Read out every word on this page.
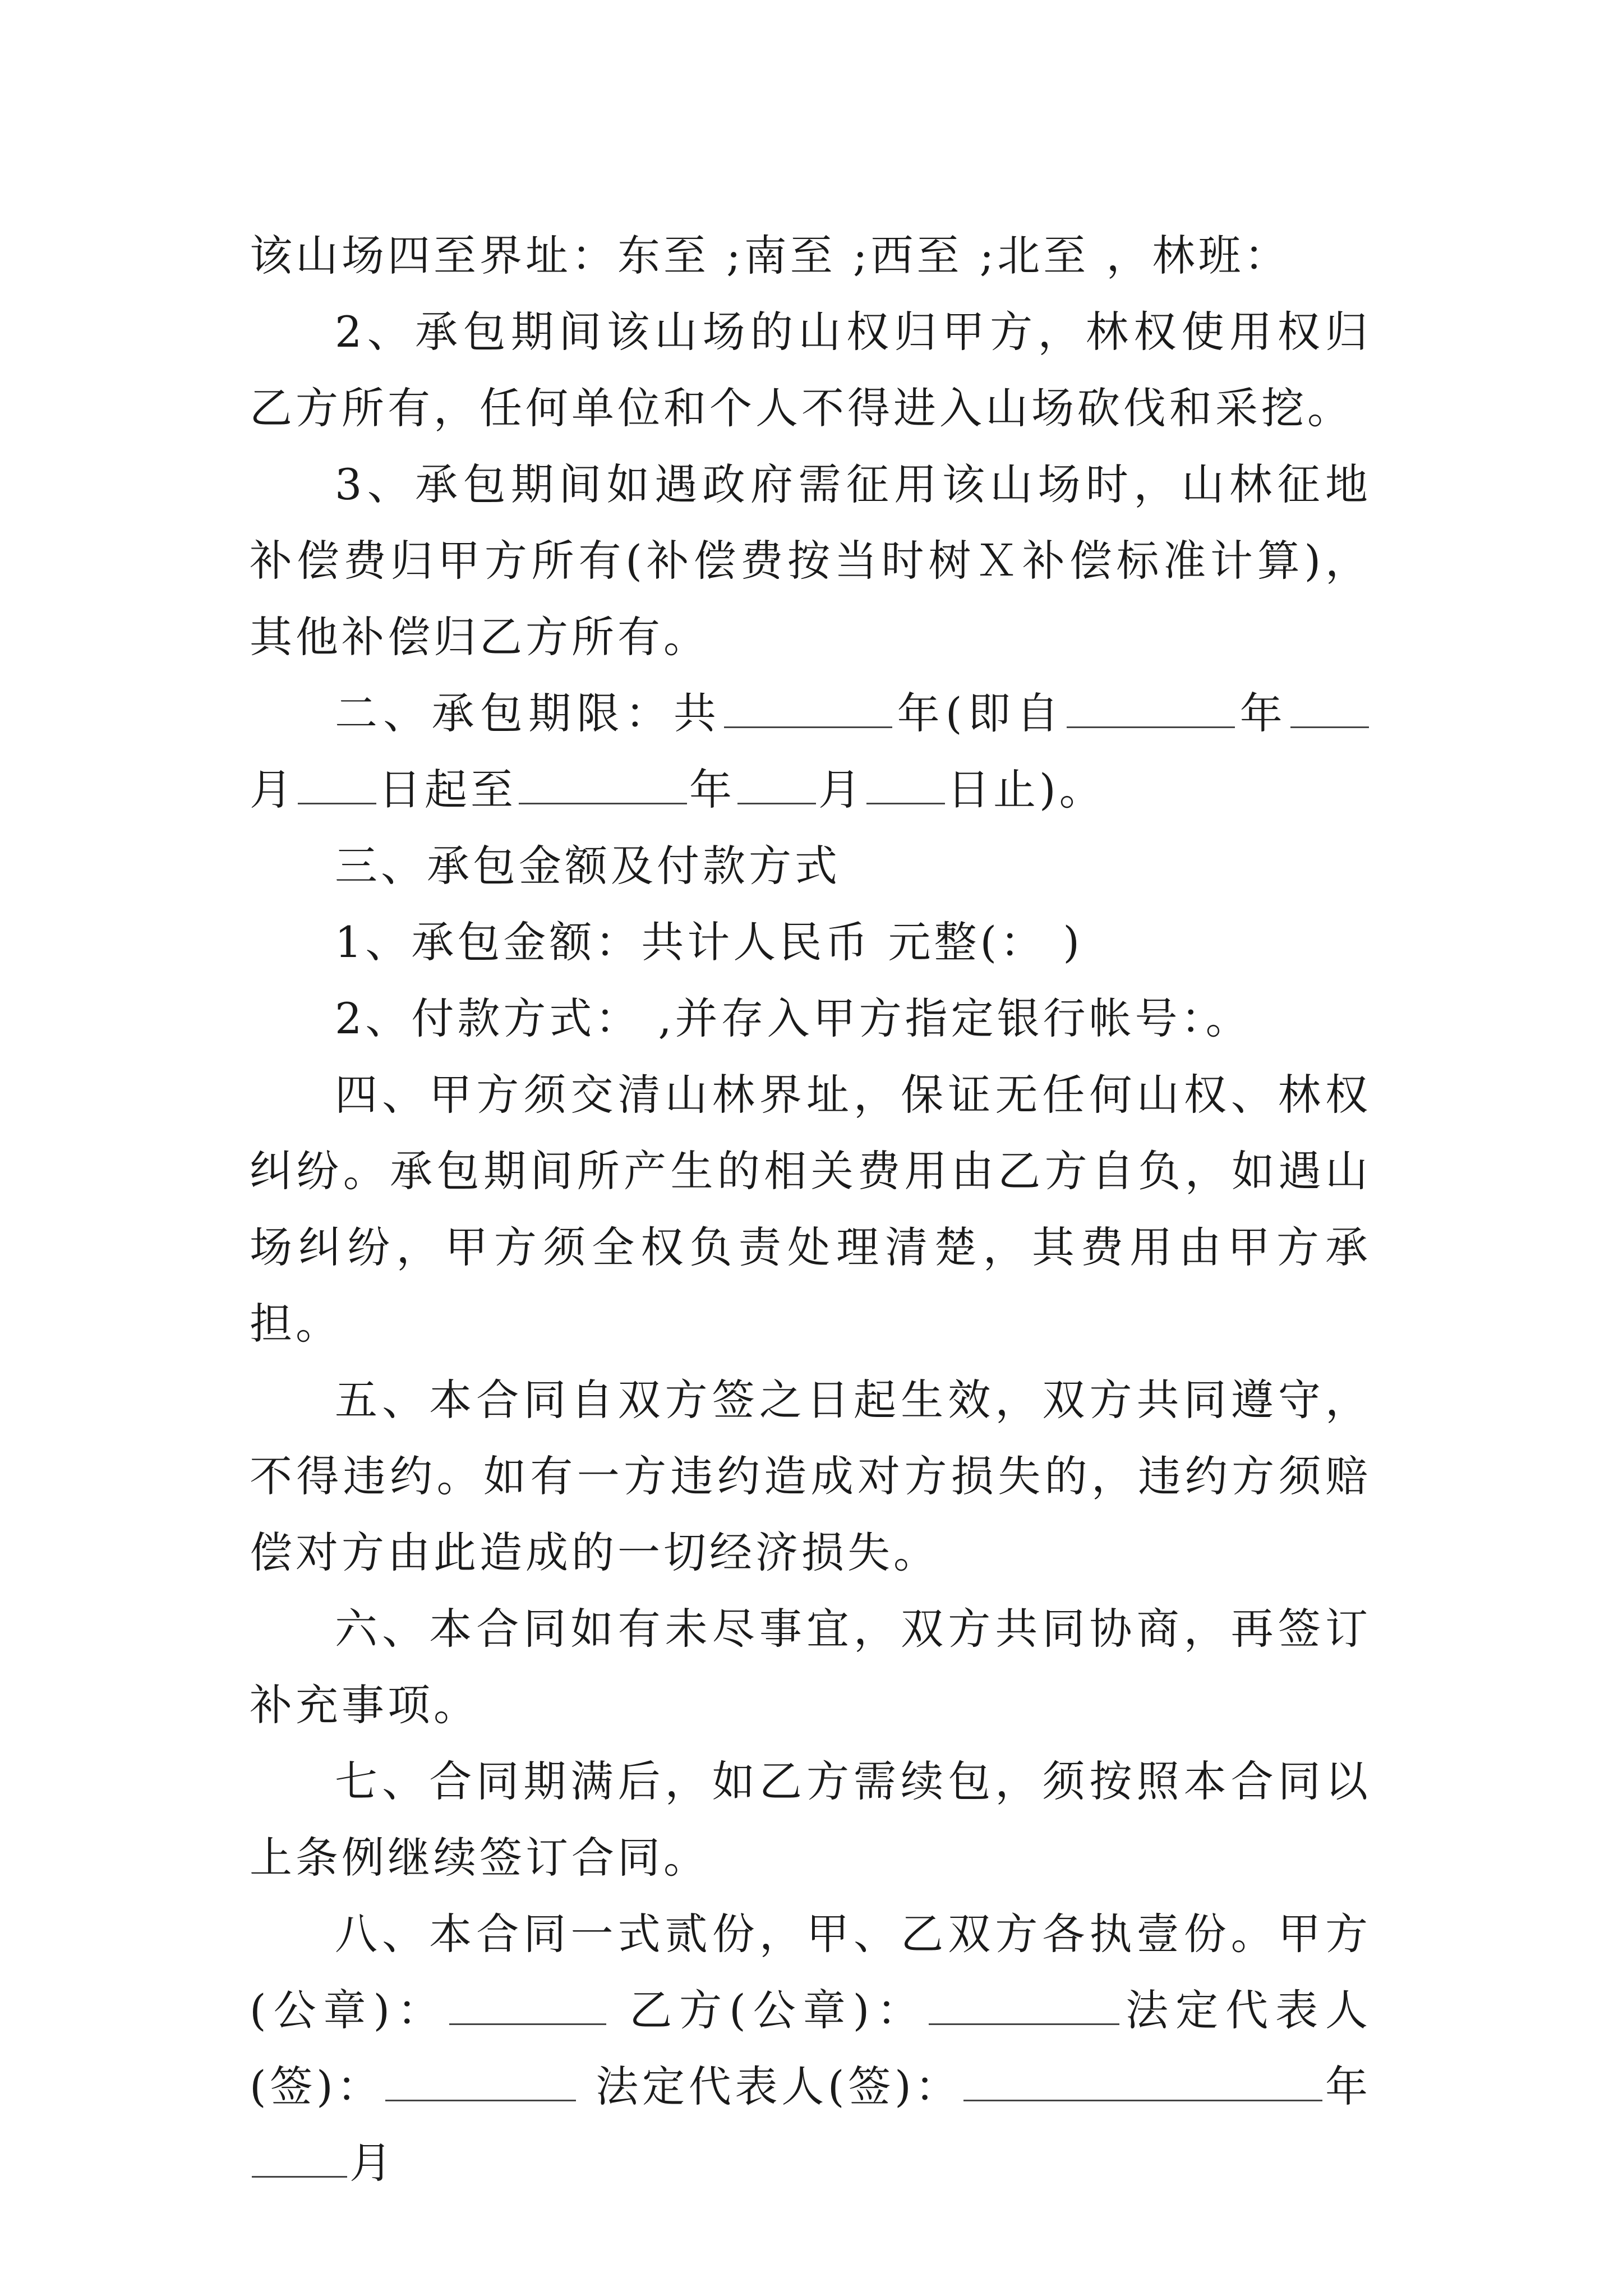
该山场四至界址：东至 ;南至 ;西至 ;北至 ，林班：

2、承包期间该山场的山权归甲方，林权使用权归乙方所有，任何单位和个人不得进入山场砍伐和采挖。

3、承包期间如遇政府需征用该山场时，山林征地补偿费归甲方所有(补偿费按当时树Ｘ补偿标准计算)，其他补偿归乙方所有。

二、承包期限：共	年(即自	年月 日起至	年 月 日止)。

三、承包金额及付款方式

1、承包金额：共计人民币 元整(： )

2、付款方式： ,并存入甲方指定银行帐号：。

四、甲方须交清山林界址，保证无任何山权、林权纠纷。承包期间所产生的相关费用由乙方自负，如遇山场纠纷，甲方须全权负责处理清楚，其费用由甲方承担。

五、本合同自双方签之日起生效，双方共同遵守，不得违约。如有一方违约造成对方损失的，违约方须赔偿对方由此造成的一切经济损失。

六、本合同如有未尽事宜，双方共同协商，再签订补充事项。

七、合同期满后，如乙方需续包，须按照本合同以上条例继续签订合同。

八、本合同一式贰份，甲、乙双方各执壹份。甲方(公章)：	乙方(公章)：	法定代表人(签)：	法定代表人(签)：	年月
